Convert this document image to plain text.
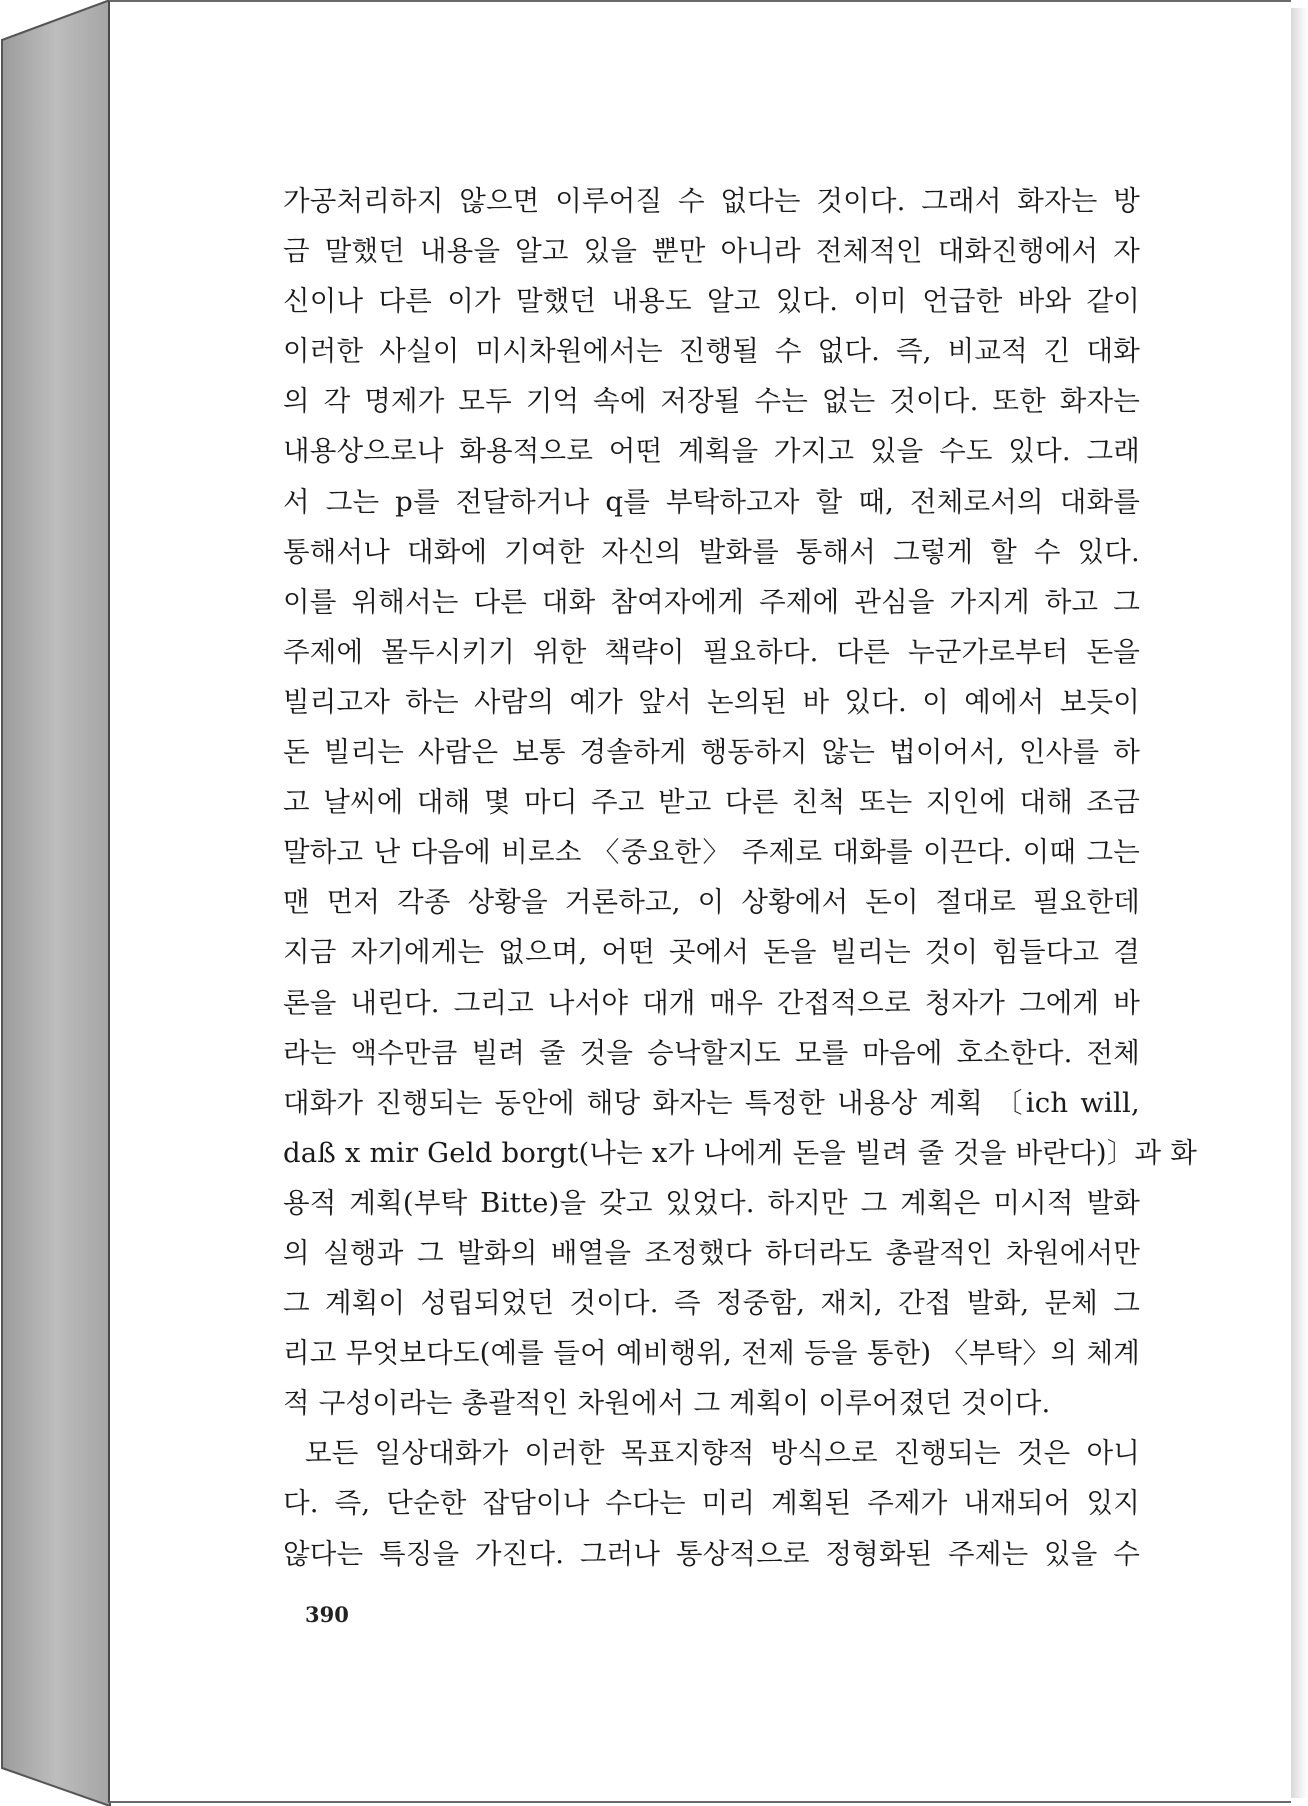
가공처리하지 않으면 이루어질 수 없다는 것이다. 그래서 화자는 방
금 말했던 내용을 알고 있을 뿐만 아니라 전체적인 대화진행에서 자
신이나 다른 이가 말했던 내용도 알고 있다. 이미 언급한 바와 같이
이러한 사실이 미시차원에서는 진행될 수 없다. 즉, 비교적 긴 대화
의 각 명제가 모두 기억 속에 저장될 수는 없는 것이다. 또한 화자는
내용상으로나 화용적으로 어떤 계획을 가지고 있을 수도 있다. 그래
서 그는 p를 전달하거나 q를 부탁하고자 할 때, 전체로서의 대화를
통해서나 대화에 기여한 자신의 발화를 통해서 그렇게 할 수 있다.
이를 위해서는 다른 대화 참여자에게 주제에 관심을 가지게 하고 그
주제에 몰두시키기 위한 책략이 필요하다. 다른 누군가로부터 돈을
빌리고자 하는 사람의 예가 앞서 논의된 바 있다. 이 예에서 보듯이
돈 빌리는 사람은 보통 경솔하게 행동하지 않는 법이어서, 인사를 하
고 날씨에 대해 몇 마디 주고 받고 다른 친척 또는 지인에 대해 조금
말하고 난 다음에 비로소 〈중요한〉 주제로 대화를 이끈다. 이때 그는
맨 먼저 각종 상황을 거론하고, 이 상황에서 돈이 절대로 필요한데
지금 자기에게는 없으며, 어떤 곳에서 돈을 빌리는 것이 힘들다고 결
론을 내린다. 그리고 나서야 대개 매우 간접적으로 청자가 그에게 바
라는 액수만큼 빌려 줄 것을 승낙할지도 모를 마음에 호소한다. 전체
대화가 진행되는 동안에 해당 화자는 특정한 내용상 계획 〔ich will,
daß x mir Geld borgt(나는 x가 나에게 돈을 빌려 줄 것을 바란다)〕과 화
용적 계획(부탁 Bitte)을 갖고 있었다. 하지만 그 계획은 미시적 발화
의 실행과 그 발화의 배열을 조정했다 하더라도 총괄적인 차원에서만
그 계획이 성립되었던 것이다. 즉 정중함, 재치, 간접 발화, 문체 그
리고 무엇보다도(예를 들어 예비행위, 전제 등을 통한) 〈부탁〉의 체계
적 구성이라는 총괄적인 차원에서 그 계획이 이루어졌던 것이다.
모든 일상대화가 이러한 목표지향적 방식으로 진행되는 것은 아니
다. 즉, 단순한 잡담이나 수다는 미리 계획된 주제가 내재되어 있지
않다는 특징을 가진다. 그러나 통상적으로 정형화된 주제는 있을 수
390
